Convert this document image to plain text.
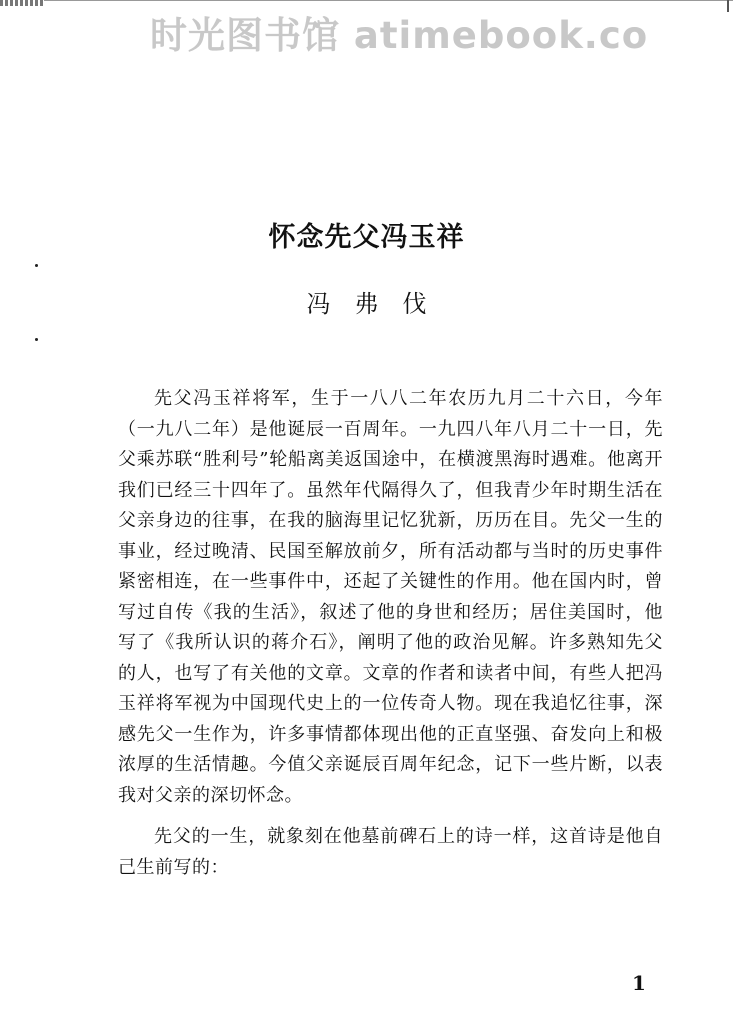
时光图书馆 atimebook.co
怀念先父冯玉祥
冯弗伐

先父冯玉祥将军，生于一八八二年农历九月二十六日，今年（一九八二年）是他诞辰一百周年。一九四八年八月二十一日，先父乘苏联“胜利号”轮船离美返国途中，在横渡黑海时遇难。他离开我们已经三十四年了。虽然年代隔得久了，但我青少年时期生活在父亲身边的往事，在我的脑海里记忆犹新，历历在目。先父一生的事业，经过晚清、民国至解放前夕，所有活动都与当时的历史事件紧密相连，在一些事件中，还起了关键性的作用。他在国内时，曾写过自传《我的生活》，叙述了他的身世和经历；居住美国时，他写了《我所认识的蒋介石》，阐明了他的政治见解。许多熟知先父的人，也写了有关他的文章。文章的作者和读者中间，有些人把冯玉祥将军视为中国现代史上的一位传奇人物。现在我追忆往事，深感先父一生作为，许多事情都体现出他的正直坚强、奋发向上和极浓厚的生活情趣。今值父亲诞辰百周年纪念，记下一些片断，以表我对父亲的深切怀念。

先父的一生，就象刻在他墓前碑石上的诗一样，这首诗是他自己生前写的：

1
